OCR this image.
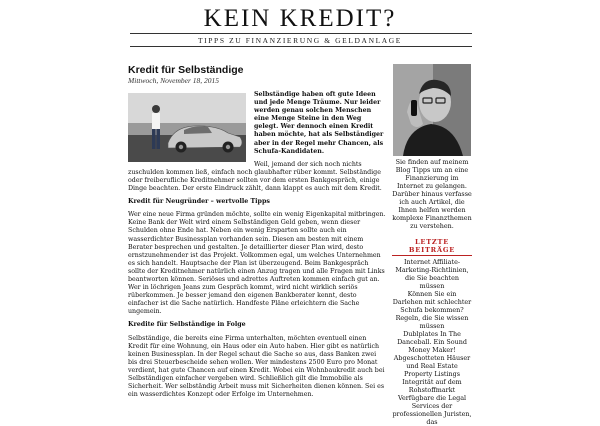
KEIN KREDIT?
TIPPS ZU FINANZIERUNG & GELDANLAGE
Kredit für Selbständige
Mittwoch, November 18, 2015

Selbständige haben oft gute Ideen und jede Menge Träume. Nur leider werden genau solchen Menschen eine Menge Steine in den Weg gelegt. Wer dennoch einen Kredit haben möchte, hat als Selbständiger aber in der Regel mehr Chancen, als Schufa-Kandidaten.

Weil, jemand der sich noch nichts zuschulden kommen ließ, einfach noch glaubhafter rüber kommt. Selbständige oder freiberufliche Kreditnehmer sollten vor dem ersten Bankgespräch, einige Dinge beachten. Der erste Eindruck zählt, dann klappt es auch mit dem Kredit.

Kredit für Neugründer – wertvolle Tipps

Wer eine neue Firma gründen möchte, sollte ein wenig Eigenkapital mitbringen. Keine Bank der Welt wird einem Selbständigen Geld geben, wenn dieser Schulden ohne Ende hat. Neben ein wenig Ersparten sollte auch ein wasserdichter Businessplan vorhanden sein. Diesen am besten mit einem Berater besprechen und gestalten. Je detaillierter dieser Plan wird, desto ernstzunehmender ist das Projekt. Volkommen egal, um welches Unternehmen es sich handelt. Hauptsache der Plan ist überzeugend. Beim Bankgespräch sollte der Kreditnehmer natürlich einen Anzug tragen und alle Fragen mit Links beantworten können. Seriöses und adrettes Auftreten kommen einfach gut an. Wer in löchrigen Jeans zum Gespräch kommt, wird nicht wirklich seriös rüberkommen. Je besser jemand den eigenen Bankberater kennt, desto einfacher ist die Sache natürlich. Handfeste Pläne erleichtern die Sache ungemein.

Kredite für Selbständige in Folge

Selbständige, die bereits eine Firma unterhalten, möchten eventuell einen Kredit für eine Wohnung, ein Haus oder ein Auto haben. Hier gibt es natürlich keinen Businessplan. In der Regel schaut die Sache so aus, dass Banken zwei bis drei Steuerbescheide sehen wollen. Wer mindestens 2500 Euro pro Monat verdient, hat gute Chancen auf einen Kredit. Wobei ein Wohnbaukredit auch bei Selbständigen einfacher vergeben wird. Schließlich gilt die Immobilie als Sicherheit. Wer selbständig Arbeit muss mit Sicherheiten dienen können. Sei es ein wasserdichtes Konzept oder Erfolge im Unternehmen.

Sie finden auf meinem Blog Tipps um an eine Finanzierung im Internet zu gelangen. Darüber hinaus verfasse ich auch Artikel, die Ihnen helfen werden komplexe Finanzthemen zu verstehen.

LETZTE BEITRÄGE
Internet Affiliate-Marketing-Richtlinien, die Sie beachten müssen
Können Sie ein Darlehen mit schlechter Schufa bekommen?
Regeln, die Sie wissen müssen
Dublplates In The Danceball. Ein Sound Money Maker!
Abgeschotteten Häuser und Real Estate Property Listings
Integrität auf dem Rohstoffmarkt
Verfügbare die Legal Services der professionellen Juristen, das
